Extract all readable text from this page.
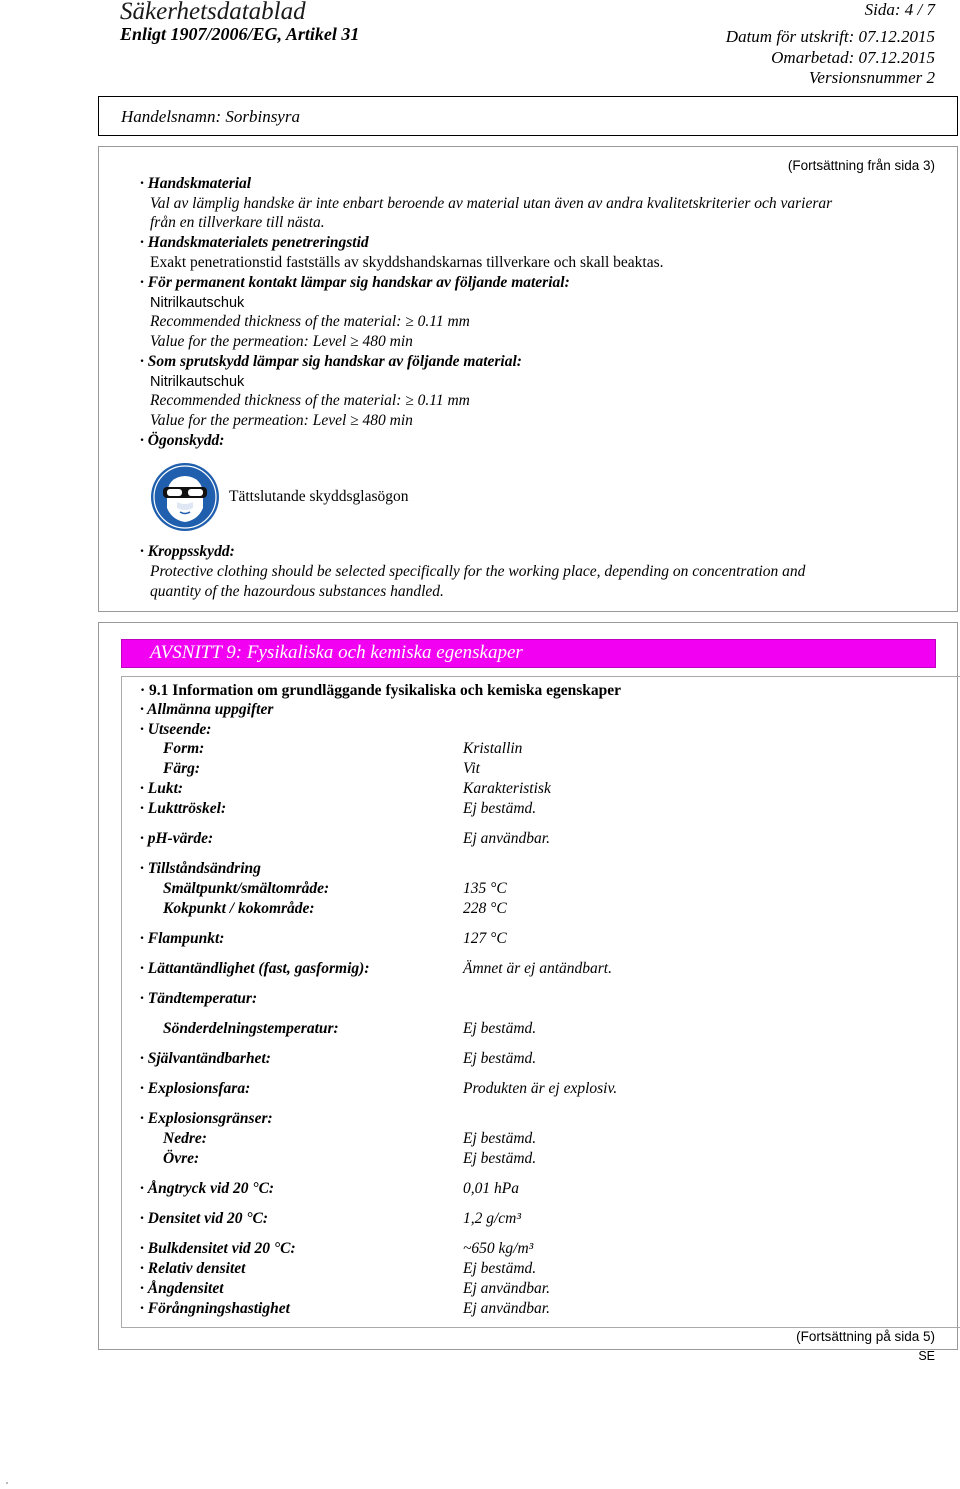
Säkerhetsdatablad
Enligt 1907/2006/EG, Artikel 31
Sida: 4 / 7
Datum för utskrift: 07.12.2015
Omarbetad: 07.12.2015
Versionsnummer 2
Handelsnamn: Sorbinsyra
(Fortsättning från sida 3)
· Handskmaterial
Val av lämplig handske är inte enbart beroende av material utan även av andra kvalitetskriterier och varierar
från en tillverkare till nästa.
· Handskmaterialets penetreringstid
Exakt penetrationstid fastställs av skyddshandskarnas tillverkare och skall beaktas.
· För permanent kontakt lämpar sig handskar av följande material:
Nitrilkautschuk
Recommended thickness of the material: ≥ 0.11 mm
Value for the permeation: Level ≥ 480 min
· Som sprutskydd lämpar sig handskar av följande material:
Nitrilkautschuk
Recommended thickness of the material: ≥ 0.11 mm
Value for the permeation: Level ≥ 480 min
· Ögonskydd:
Tättslutande skyddsglasögon
· Kroppsskydd:
Protective clothing should be selected specifically for the working place, depending on concentration and
quantity of the hazourdous substances handled.
AVSNITT 9: Fysikaliska och kemiska egenskaper
· 9.1 Information om grundläggande fysikaliska och kemiska egenskaper
· Allmänna uppgifter
· Utseende:
Form:	Kristallin
Färg:	Vit
· Lukt:	Karakteristisk
· Lukttröskel:	Ej bestämd.
· pH-värde:	Ej användbar.
· Tillståndsändring
Smältpunkt/smältområde:	135 °C
Kokpunkt / kokområde:	228 °C
· Flampunkt:	127 °C
· Lättantändlighet (fast, gasformig):	Ämnet är ej antändbart.
· Tändtemperatur:
Sönderdelningstemperatur:	Ej bestämd.
· Självantändbarhet:	Ej bestämd.
· Explosionsfara:	Produkten är ej explosiv.
· Explosionsgränser:
Nedre:	Ej bestämd.
Övre:	Ej bestämd.
· Ångtryck vid 20 °C:	0,01 hPa
· Densitet vid 20 °C:	1,2 g/cm³
· Bulkdensitet vid 20 °C:	~650 kg/m³
· Relativ densitet	Ej bestämd.
· Ångdensitet	Ej användbar.
· Förångningshastighet	Ej användbar.
(Fortsättning på sida 5)
SE
